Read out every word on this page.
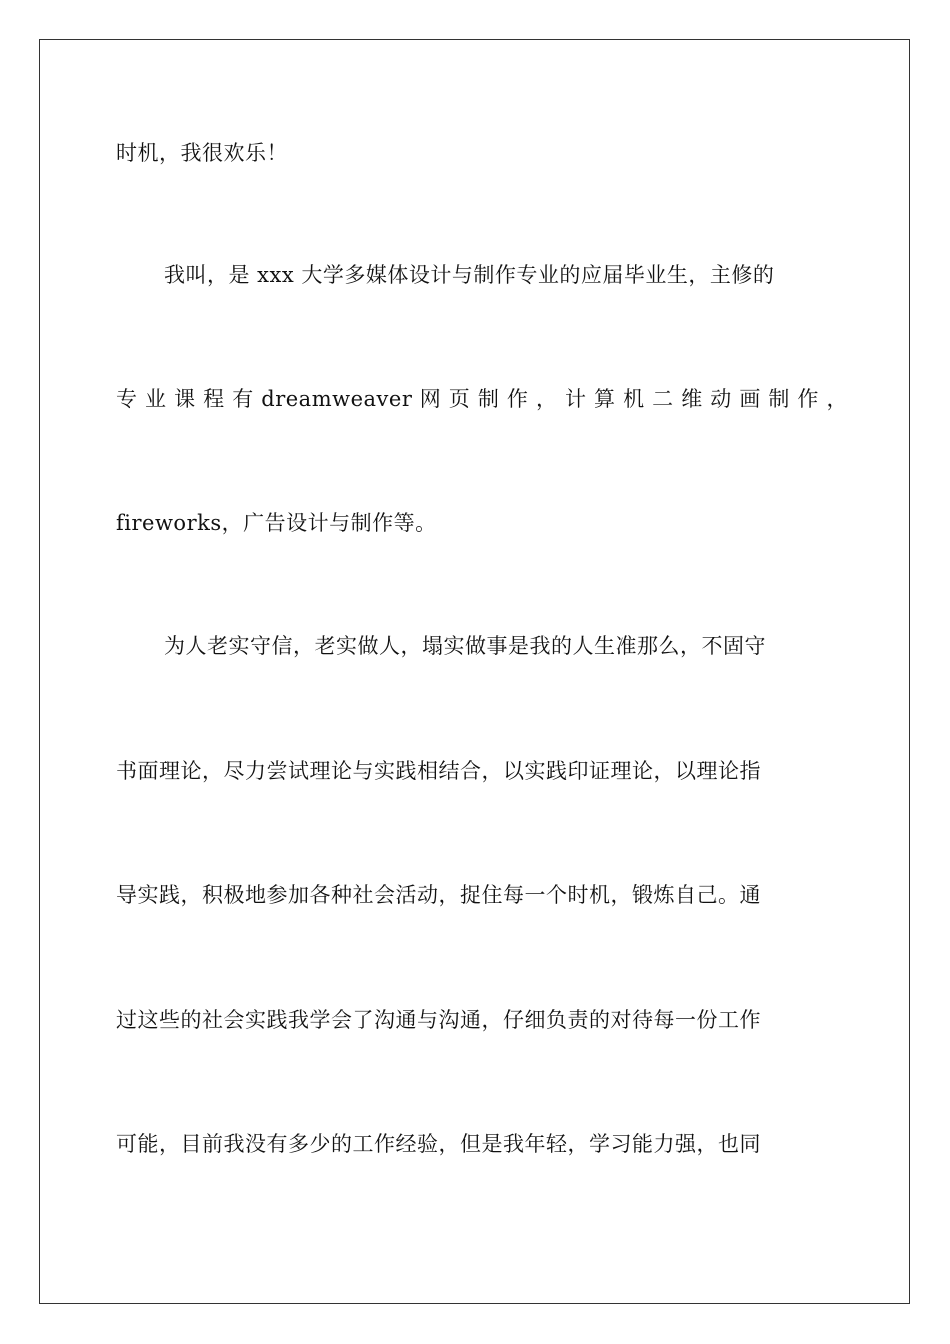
时机，我很欢乐！
我叫，是 xxx 大学多媒体设计与制作专业的应届毕业生，主修的
专 业 课 程 有 dreamweaver 网 页 制 作 ， 计 算 机 二 维 动 画 制 作 ，
fireworks，广告设计与制作等。
为人老实守信，老实做人，塌实做事是我的人生准那么，不固守
书面理论，尽力尝试理论与实践相结合，以实践印证理论，以理论指
导实践，积极地参加各种社会活动，捉住每一个时机，锻炼自己。通
过这些的社会实践我学会了沟通与沟通，仔细负责的对待每一份工作
可能，目前我没有多少的工作经验，但是我年轻，学习能力强，也同
